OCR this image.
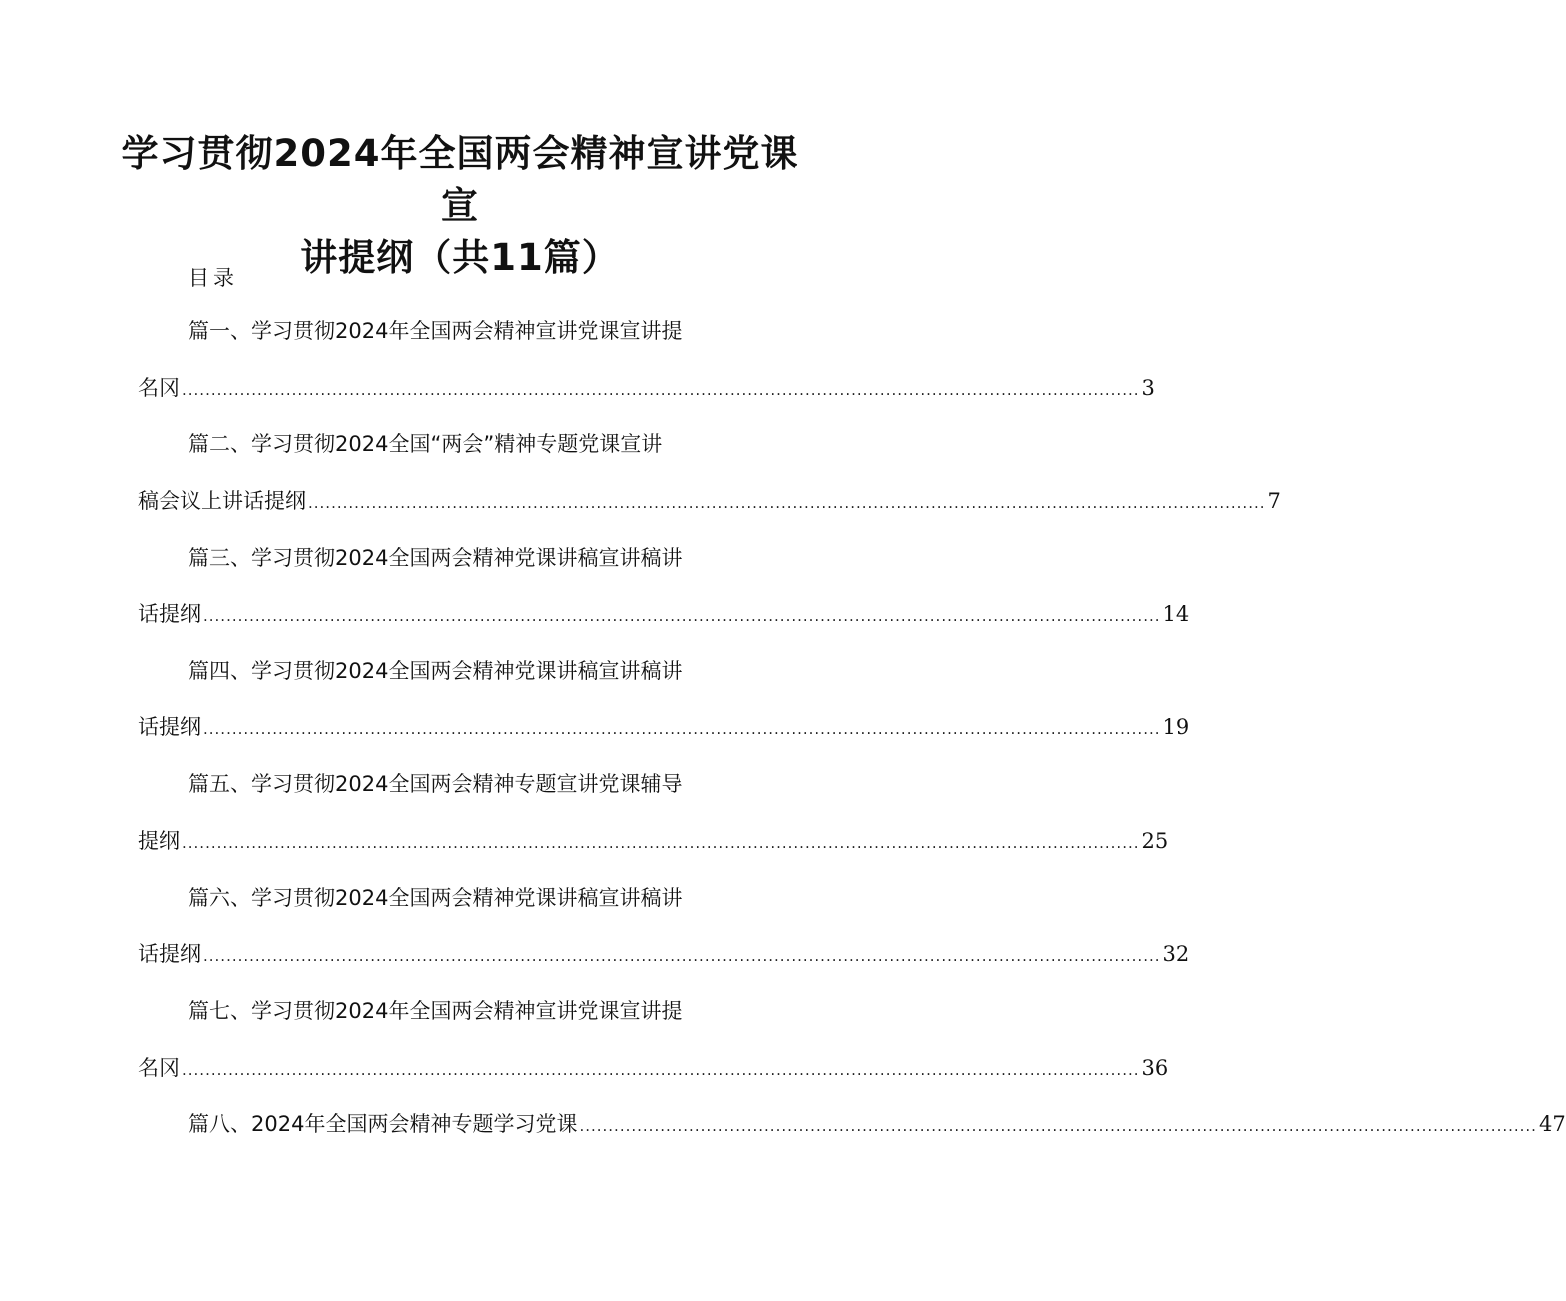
学习贯彻2024年全国两会精神宣讲党课宣
讲提纲（共11篇）
目录
篇一、学习贯彻2024年全国两会精神宣讲党课宣讲提
名冈 ...................................................................................................................................................................... 3
篇二、学习贯彻2024全国“两会”精神专题党课宣讲
稿会议上讲话提纲 ...................................................................................................................................................................... 7
篇三、学习贯彻2024全国两会精神党课讲稿宣讲稿讲
话提纲 ...................................................................................................................................................................... 14
篇四、学习贯彻2024全国两会精神党课讲稿宣讲稿讲
话提纲 ...................................................................................................................................................................... 19
篇五、学习贯彻2024全国两会精神专题宣讲党课辅导
提纲 ...................................................................................................................................................................... 25
篇六、学习贯彻2024全国两会精神党课讲稿宣讲稿讲
话提纲 ...................................................................................................................................................................... 32
篇七、学习贯彻2024年全国两会精神宣讲党课宣讲提
名冈 ...................................................................................................................................................................... 36
篇八、2024年全国两会精神专题学习党课 ...................................................................................................................................................................... 47
